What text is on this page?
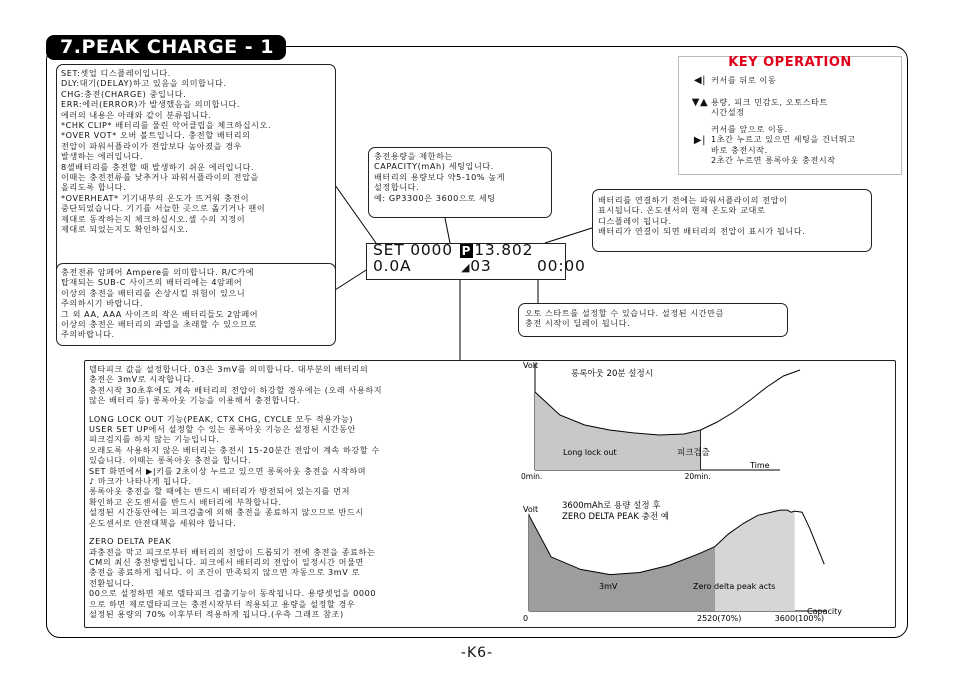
7.PEAK CHARGE - 1
SET:셋업 디스플레이입니다.
DLY:대기(DELAY)하고 있음을 의미합니다.
CHG:충전(CHARGE) 중입니다.
ERR:에러(ERROR)가 발생했음을 의미합니다.
에러의 내용은 아래와 같이 분류됩니다.
*CHK CLIP* 배터리를 물린 악어클립을 체크하십시오.
*OVER VOT* 오버 볼트입니다. 충전할 배터리의
전압이 파워서플라이가 전압보다 높아졌을 경우
발생하는 에러입니다.
8셀배터리를 충전할 때 발생하기 쉬운 에러입니다.
이때는 충전전류를 낮추거나 파워서플라이의 전압을
올리도록 합니다.
*OVERHEAT* 기기내부의 온도가 뜨거워 충전이
중단되었습니다. 기기를 서늘한 곳으로 옮기거나 팬이
제대로 동작하는지 체크하십시오.셀 수의 지정이
제대로 되었는지도 확인하십시오.
충전용량을 제한하는
CAPACITY(mAh) 세팅입니다.
배터리의 용량보다 약5-10% 높게
설정합니다.
예: GP3300은 3600으로 세팅	배터리를 연결하기 전에는 파워서플라이의 전압이
표시됩니다. 온도센서의 현재 온도와 교대로
디스플레이 됩니다.
배터리가 연결이 되면 배터리의 전압이 표시가 됩니다.
충전전류 암페어 Ampere를 의미합니다. R/C카에
탑재되는 SUB-C 사이즈의 배터리에는 4암페어
이상의 충전을 배터리를 손상시킬 위험이 있으니
주의하시기 바랍니다.
그 외 AA, AAA 사이즈의 작은 배터리들도 2암페어
이상의 충전은 배터리의 과열을 초래할 수 있으므로
주의바랍니다.
오토 스타트를 설정할 수 있습니다. 설정된 시간만큼
충전 시작이 딜레이 됩니다.
SET 0000 P 13.802
0.0A	◢03	00:00
KEY OPERATION
◀| 커서를 뒤로 이동
▼▲ 용량, 피크 민감도, 오토스타트
시간설정
▶|
커서를 앞으로 이동.
1초간 누르고 있으면 세팅을 건너뛰고
바로 충전시작.
2초간 누르면 롱록아웃 충전시작
델타피크 값을 설정합니다. 03은 3mV를 의미합니다. 대부분의 배터리의
충전은 3mV로 시작합니다.
충전시작 30초후에도 계속 배터리의 전압이 하강할 경우에는 (오래 사용하지
않은 배터리 등) 롱록아웃 기능을 이용해서 충전합니다.
LONG LOCK OUT 기능(PEAK, CTX CHG, CYCLE 모두 적용가능)
USER SET UP에서 설정할 수 있는 롱록아웃 기능은 설정된 시간동안
피크검지를 하지 않는 기능입니다.
오래도록 사용하지 않은 배터리는 충전시 15-20분간 전압이 계속 하강할 수
있습니다. 이때는 롱록아웃 충전을 합니다.
SET 화면에서 ▶|키를 2초이상 누르고 있으면 롱록아웃 충전을 시작하며
♪ 마크가 나타나게 됩니다.
롱록아웃 충전을 할 때에는 반드시 배터리가 방전되어 있는지를 먼저
확인하고 온도센서를 반드시 배터리에 부착합니다.
설정된 시간동안에는 피크검출에 의해 충전을 종료하지 않으므로 반드시
온도센서로 안전대책을 세워야 합니다.
ZERO DELTA PEAK
과충전을 막고 피크로부터 배터리의 전압이 드롭되기 전에 충전을 종료하는
CM의 최신 충전방법입니다. 피크에서 배터리의 전압이 일정시간 머물면
충전을 종료하게 됩니다. 이 조건이 만족되지 않으면 자동으로 3mV 로
전환됩니다.
00으로 설정하면 제로 델타피크 검출기능이 동작됩니다. 용량셋업을 0000
으로 하면 제로델타피크는 충전시작부터 적용되고 용량을 설정할 경우
설정된 용량의 70% 이후부터 적용하게 됩니다.(우측 그래프 참조)
Volt
롱록아웃 20분 설정시
Long lock out	피크검출
Time
0min.	20min.
Volt	3600mAh로 용량 설정 후
ZERO DELTA PEAK 충전 예
3mV	Zero delta peak acts
0	2520(70%)	3600(100%)
Capacity
-K6-
